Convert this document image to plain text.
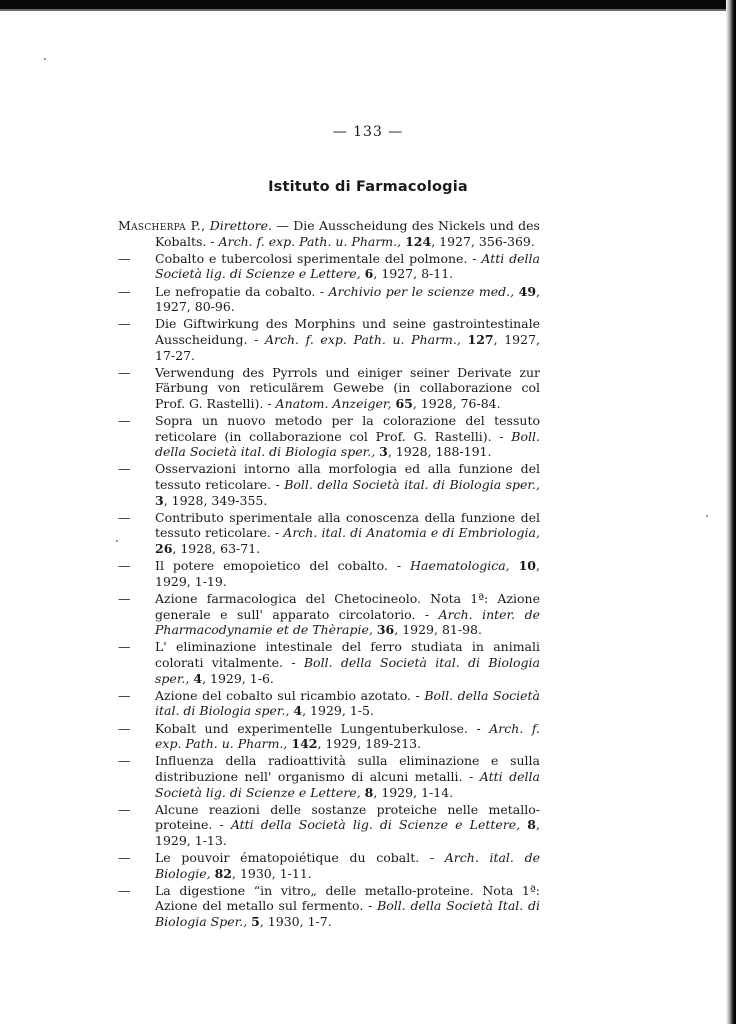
— 133 —
Istituto di Farmacologia
Mascherpa P., Direttore. — Die Ausscheidung des Nickels und des Kobalts. - Arch. f. exp. Path. u. Pharm., 124, 1927, 356-369.
— Cobalto e tubercolosi sperimentale del polmone. - Atti della Società lig. di Scienze e Lettere, 6, 1927, 8-11.
— Le nefropatie da cobalto. - Archivio per le scienze med., 49, 1927, 80-96.
— Die Giftwirkung des Morphins und seine gastrointestinale Ausscheidung. - Arch. f. exp. Path. u. Pharm., 127, 1927, 17-27.
— Verwendung des Pyrrols und einiger seiner Derivate zur Färbung von reticulärem Gewebe (in collaborazione col Prof. G. Rastelli). - Anatom. Anzeiger, 65, 1928, 76-84.
— Sopra un nuovo metodo per la colorazione del tessuto reticolare (in collaborazione col Prof. G. Rastelli). - Boll. della Società ital. di Biologia sper., 3, 1928, 188-191.
— Osservazioni intorno alla morfologia ed alla funzione del tessuto reticolare. - Boll. della Società ital. di Biologia sper., 3, 1928, 349-355.
— Contributo sperimentale alla conoscenza della funzione del tessuto reticolare. - Arch. ital. di Anatomia e di Embriologia, 26, 1928, 63-71.
— Il potere emopoietico del cobalto. - Haematologica, 10, 1929, 1-19.
— Azione farmacologica del Chetocineolo. Nota 1ª: Azione generale e sull' apparato circolatorio. - Arch. inter. de Pharmacodynamie et de Thèrapie, 36, 1929, 81-98.
— L' eliminazione intestinale del ferro studiata in animali colorati vitalmente. - Boll. della Società ital. di Biologia sper., 4, 1929, 1-6.
— Azione del cobalto sul ricambio azotato. - Boll. della Società ital. di Biologia sper., 4, 1929, 1-5.
— Kobalt und experimentelle Lungentuberkulose. - Arch. f. exp. Path. u. Pharm., 142, 1929, 189-213.
— Influenza della radioattività sulla eliminazione e sulla distribuzione nell' organismo di alcuni metalli. - Atti della Società lig. di Scienze e Lettere, 8, 1929, 1-14.
— Alcune reazioni delle sostanze proteiche nelle metallo-proteine. - Atti della Società lig. di Scienze e Lettere, 8, 1929, 1-13.
— Le pouvoir ématopoiétique du cobalt. - Arch. ital. de Biologie, 82, 1930, 1-11.
— La digestione “in vitro„ delle metallo-proteine. Nota 1ª: Azione del metallo sul fermento. - Boll. della Società Ital. di Biologia Sper., 5, 1930, 1-7.
